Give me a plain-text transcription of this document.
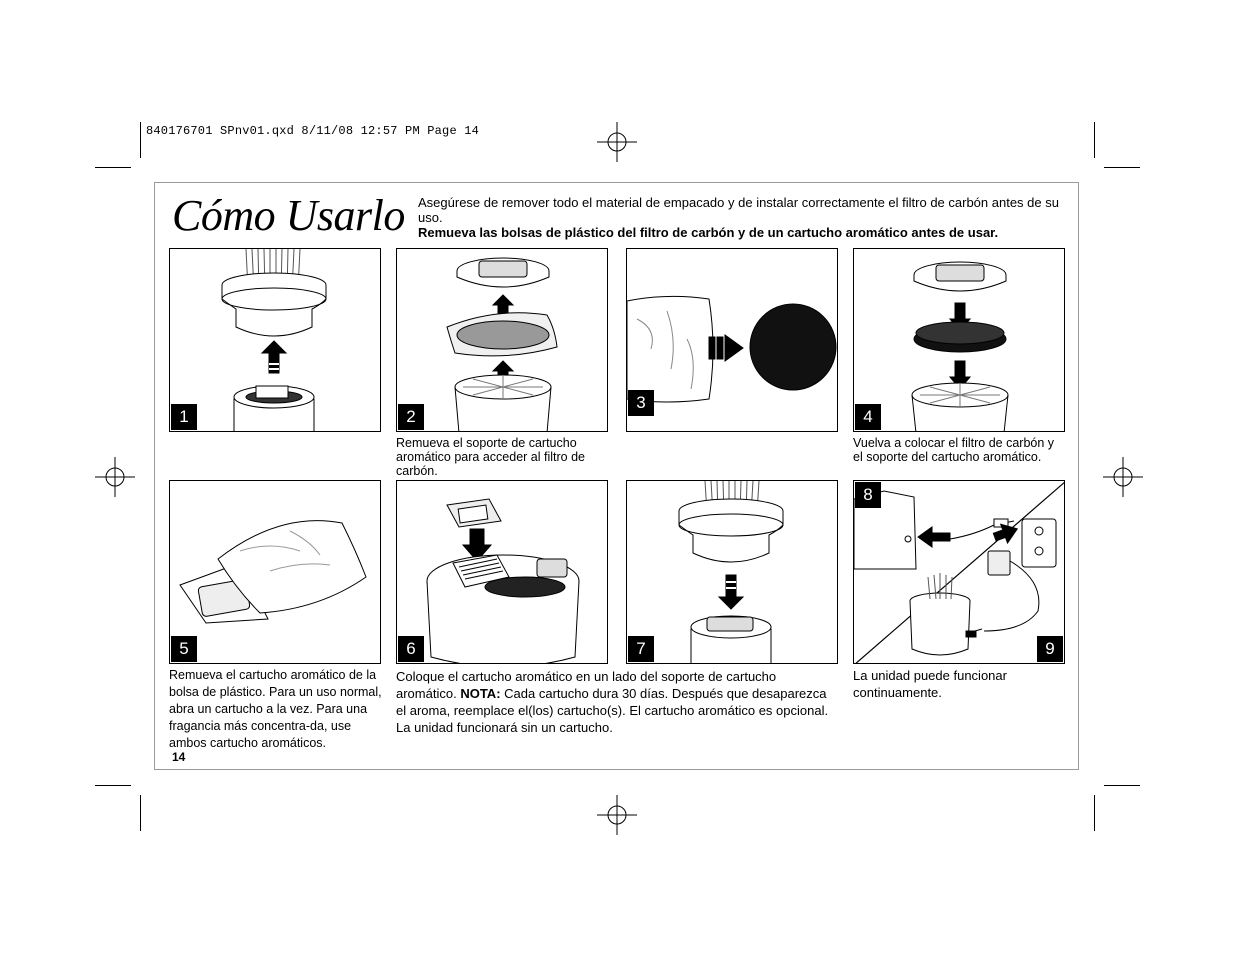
840176701 SPnv01.qxd 8/11/08 12:57 PM Page 14
Cómo Usarlo Asegúrese de remover todo el material de empacado y de instalar correctamente el filtro de carbón antes de su uso.
Remueva las bolsas de plástico del filtro de carbón y de un cartucho aromático antes de usar.
1	2
3
4
5	6	7
8
9
Remueva el soporte de cartucho aromático para acceder al filtro de carbón.
Vuelva a colocar el filtro de carbón y el soporte del cartucho aromático.
Remueva el cartucho aromático de la bolsa de plástico. Para un uso normal, abra un cartucho a la vez. Para una fragancia más concentra-da, use ambos cartucho aromáticos.
Coloque el cartucho aromático en un lado del soporte de cartucho aromático. NOTA: Cada cartucho dura 30 días. Después que desaparezca el aroma, reemplace el(los) cartucho(s). El cartucho aromático es opcional. La unidad funcionará sin un cartucho.
La unidad puede funcionar continuamente.
14
